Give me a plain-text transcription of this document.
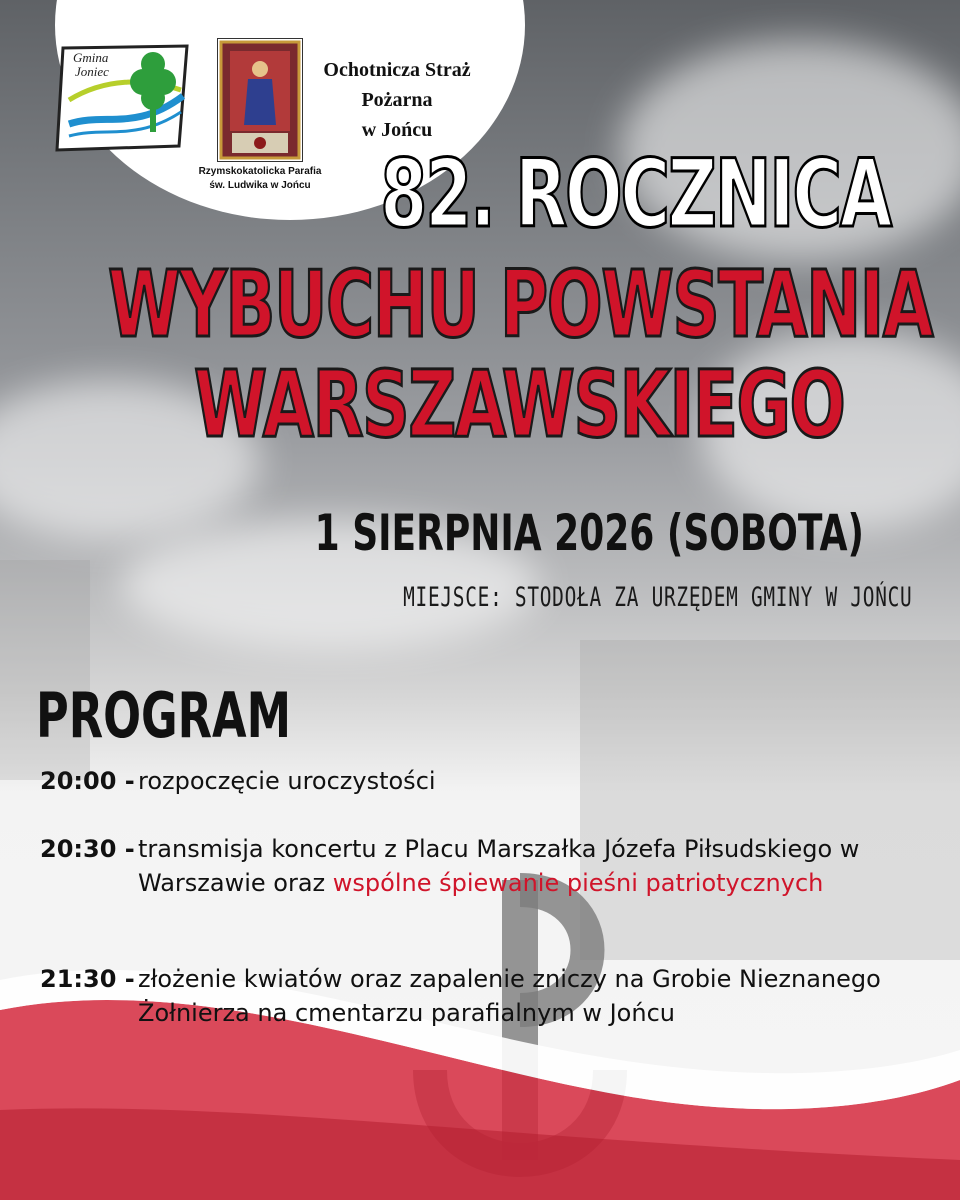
Gmina
Joniec
Rzymskokatolicka Parafia
św. Ludwika w Jońcu
Ochotnicza Straż
Pożarna
w Jońcu
82. ROCZNICA
WYBUCHU POWSTANIA
WARSZAWSKIEGO
1 SIERPNIA 2026 (SOBOTA)
MIEJSCE: STODOŁA ZA URZĘDEM GMINY W JOŃCU
PROGRAM
20:00 - rozpoczęcie uroczystości
20:30 - transmisja koncertu z Placu Marszałka Józefa Piłsudskiego w Warszawie oraz wspólne śpiewanie pieśni patriotycznych
21:30 - złożenie kwiatów oraz zapalenie zniczy na Grobie Nieznanego Żołnierza na cmentarzu parafialnym w Jońcu
